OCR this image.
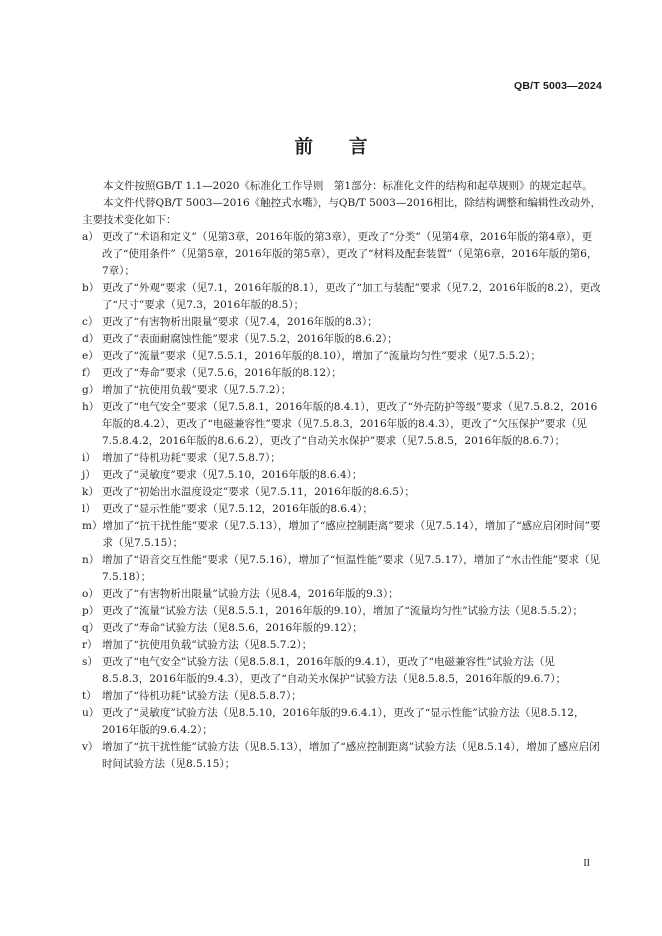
QB/T 5003—2024
前言

本文件按照GB/T 1.1—2020《标准化工作导则　第1部分：标准化文件的结构和起草规则》的规定起草。

本文件代替QB/T 5003—2016《触控式水嘴》，与QB/T 5003—2016相比，除结构调整和编辑性改动外，主要技术变化如下：

a） 更改了“术语和定义”（见第3章，2016年版的第3章），更改了“分类”（见第4章，2016年版的第4章），更改了“使用条件”（见第5章，2016年版的第5章），更改了“材料及配套装置”（见第6章，2016年版的第6，7章）；

b） 更改了“外观”要求（见7.1，2016年版的8.1），更改了“加工与装配”要求（见7.2，2016年版的8.2），更改了“尺寸”要求（见7.3，2016年版的8.5）；

c） 更改了“有害物析出限量”要求（见7.4，2016年版的8.3）；

d） 更改了“表面耐腐蚀性能”要求（见7.5.2，2016年版的8.6.2）；

e） 更改了“流量”要求（见7.5.5.1，2016年版的8.10），增加了“流量均匀性”要求（见7.5.5.2）；

f） 更改了“寿命”要求（见7.5.6，2016年版的8.12）；

g） 增加了“抗使用负载”要求（见7.5.7.2）；

h） 更改了“电气安全”要求（见7.5.8.1，2016年版的8.4.1），更改了“外壳防护等级”要求（见7.5.8.2，2016年版的8.4.2），更改了“电磁兼容性”要求（见7.5.8.3，2016年版的8.4.3），更改了“欠压保护”要求（见7.5.8.4.2，2016年版的8.6.6.2），更改了“自动关水保护”要求（见7.5.8.5，2016年版的8.6.7）；

i） 增加了“待机功耗”要求（见7.5.8.7）；

j） 更改了“灵敏度”要求（见7.5.10，2016年版的8.6.4）；

k） 更改了“初始出水温度设定”要求（见7.5.11，2016年版的8.6.5）；

l） 更改了“显示性能”要求（见7.5.12，2016年版的8.6.4）；

m） 增加了“抗干扰性能”要求（见7.5.13），增加了“感应控制距离”要求（见7.5.14），增加了“感应启闭时间”要求（见7.5.15）；

n） 增加了“语音交互性能”要求（见7.5.16），增加了“恒温性能”要求（见7.5.17），增加了“水击性能”要求（见7.5.18）；

o） 更改了“有害物析出限量”试验方法（见8.4，2016年版的9.3）；

p） 更改了“流量”试验方法（见8.5.5.1，2016年版的9.10），增加了“流量均匀性”试验方法（见8.5.5.2）；

q） 更改了“寿命”试验方法（见8.5.6，2016年版的9.12）；

r） 增加了“抗使用负载”试验方法（见8.5.7.2）；

s） 更改了“电气安全”试验方法（见8.5.8.1，2016年版的9.4.1），更改了“电磁兼容性”试验方法（见8.5.8.3，2016年版的9.4.3），更改了“自动关水保护”试验方法（见8.5.8.5，2016年版的9.6.7）；

t） 增加了“待机功耗”试验方法（见8.5.8.7）；

u） 更改了“灵敏度”试验方法（见8.5.10，2016年版的9.6.4.1），更改了“显示性能”试验方法（见8.5.12，2016年版的9.6.4.2）；

v） 增加了“抗干扰性能”试验方法（见8.5.13），增加了“感应控制距离”试验方法（见8.5.14），增加了感应启闭时间试验方法（见8.5.15）；

II
